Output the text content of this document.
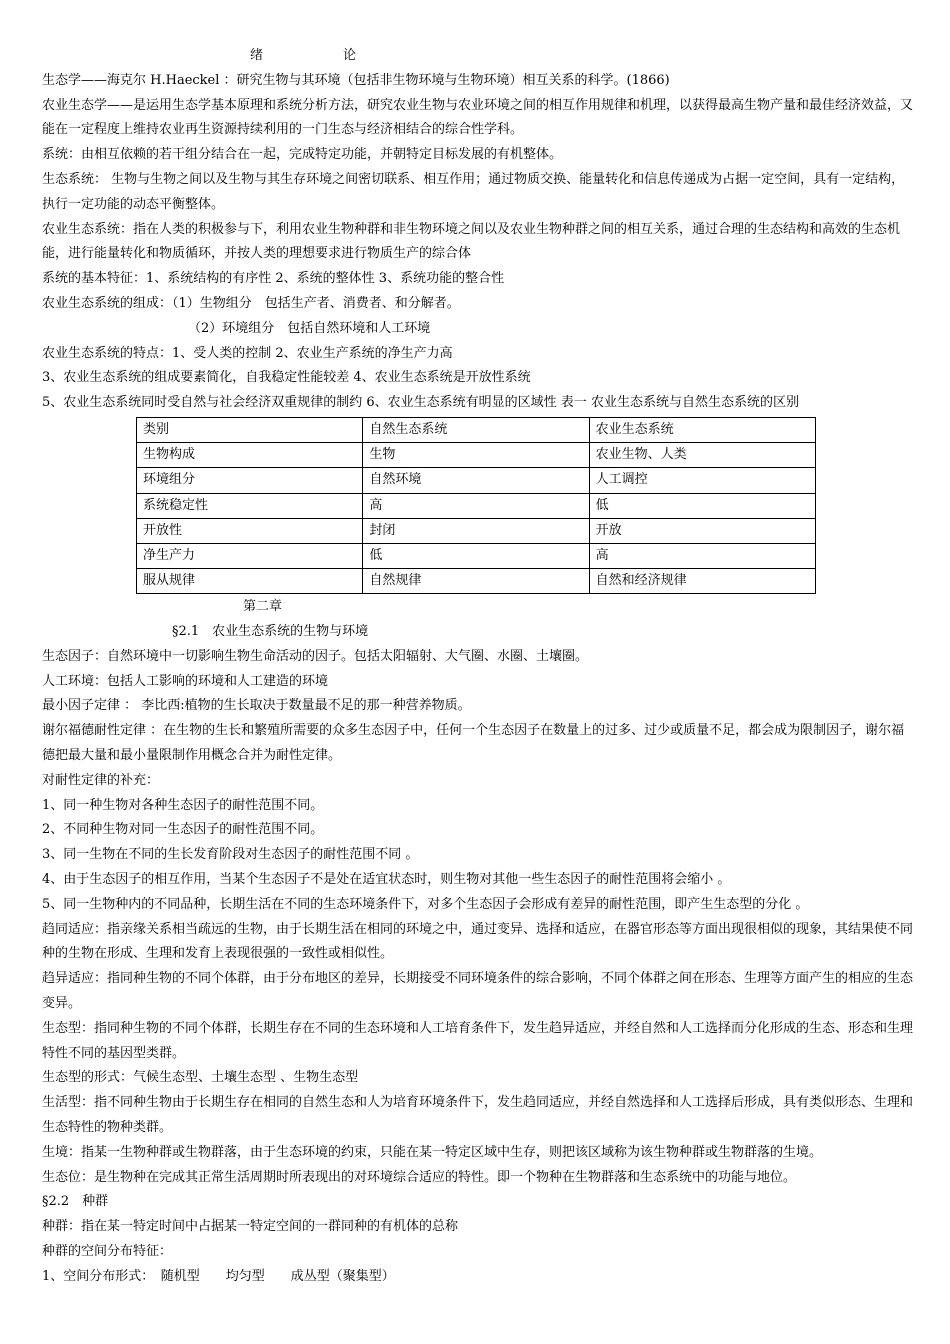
绪　　论
生态学——海克尔 H.Haeckel ：研究生物与其环境（包括非生物环境与生物环境）相互关系的科学。(1866)
农业生态学——是运用生态学基本原理和系统分析方法，研究农业生物与农业环境之间的相互作用规律和机理，以获得最高生物产量和最佳经济效益，又能在一定程度上维持农业再生资源持续利用的一门生态与经济相结合的综合性学科。
系统：由相互依赖的若干组分结合在一起，完成特定功能，并朝特定目标发展的有机整体。
生态系统： 生物与生物之间以及生物与其生存环境之间密切联系、相互作用；通过物质交换、能量转化和信息传递成为占据一定空间，具有一定结构，执行一定功能的动态平衡整体。
农业生态系统：指在人类的积极参与下，利用农业生物种群和非生物环境之间以及农业生物种群之间的相互关系，通过合理的生态结构和高效的生态机能，进行能量转化和物质循环，并按人类的理想要求进行物质生产的综合体
系统的基本特征：1、系统结构的有序性 2、系统的整体性 3、系统功能的整合性
农业生态系统的组成：（1）生物组分　包括生产者、消费者、和分解者。
（2）环境组分　包括自然环境和人工环境
农业生态系统的特点：1、受人类的控制 2、农业生产系统的净生产力高
3、农业生态系统的组成要素简化，自我稳定性能较差 4、农业生态系统是开放性系统
5、农业生态系统同时受自然与社会经济双重规律的制约 6、农业生态系统有明显的区域性 表一 农业生态系统与自然生态系统的区别
类别	自然生态系统	农业生态系统
生物构成	生物	农业生物、人类
环境组分	自然环境	人工调控
系统稳定性	高	低
开放性	封闭	开放
净生产力	低	高
服从规律	自然规律	自然和经济规律
第二章
§2.1　农业生态系统的生物与环境
生态因子：自然环境中一切影响生物生命活动的因子。包括太阳辐射、大气圈、水圈、土壤圈。
人工环境：包括人工影响的环境和人工建造的环境
最小因子定律 ： 李比西:植物的生长取决于数量最不足的那一种营养物质。
谢尔福德耐性定律 ：在生物的生长和繁殖所需要的众多生态因子中，任何一个生态因子在数量上的过多、过少或质量不足，都会成为限制因子，谢尔福德把最大量和最小量限制作用概念合并为耐性定律。
对耐性定律的补充：
1、同一种生物对各种生态因子的耐性范围不同。
2、不同种生物对同一生态因子的耐性范围不同。
3、同一生物在不同的生长发育阶段对生态因子的耐性范围不同 。
4、由于生态因子的相互作用，当某个生态因子不是处在适宜状态时，则生物对其他一些生态因子的耐性范围将会缩小 。
5、同一生物种内的不同品种，长期生活在不同的生态环境条件下，对多个生态因子会形成有差异的耐性范围，即产生生态型的分化 。
趋同适应：指亲缘关系相当疏远的生物，由于长期生活在相同的环境之中，通过变异、选择和适应，在器官形态等方面出现很相似的现象，其结果使不同种的生物在形成、生理和发育上表现很强的一致性或相似性。
趋异适应：指同种生物的不同个体群，由于分布地区的差异，长期接受不同环境条件的综合影响，不同个体群之间在形态、生理等方面产生的相应的生态变异。
生态型：指同种生物的不同个体群，长期生存在不同的生态环境和人工培育条件下，发生趋异适应，并经自然和人工选择而分化形成的生态、形态和生理特性不同的基因型类群。
生态型的形式：气候生态型、土壤生态型 、生物生态型
生活型：指不同种生物由于长期生存在相同的自然生态和人为培育环境条件下，发生趋同适应，并经自然选择和人工选择后形成，具有类似形态、生理和生态特性的物种类群。
生境：指某一生物种群或生物群落，由于生态环境的约束，只能在某一特定区域中生存，则把该区域称为该生物种群或生物群落的生境。
生态位：是生物种在完成其正常生活周期时所表现出的对环境综合适应的特性。即一个物种在生物群落和生态系统中的功能与地位。
§2.2　种群
种群：指在某一特定时间中占据某一特定空间的一群同种的有机体的总称
种群的空间分布特征：
1、空间分布形式：　随机型　　均匀型　　成丛型（聚集型）
